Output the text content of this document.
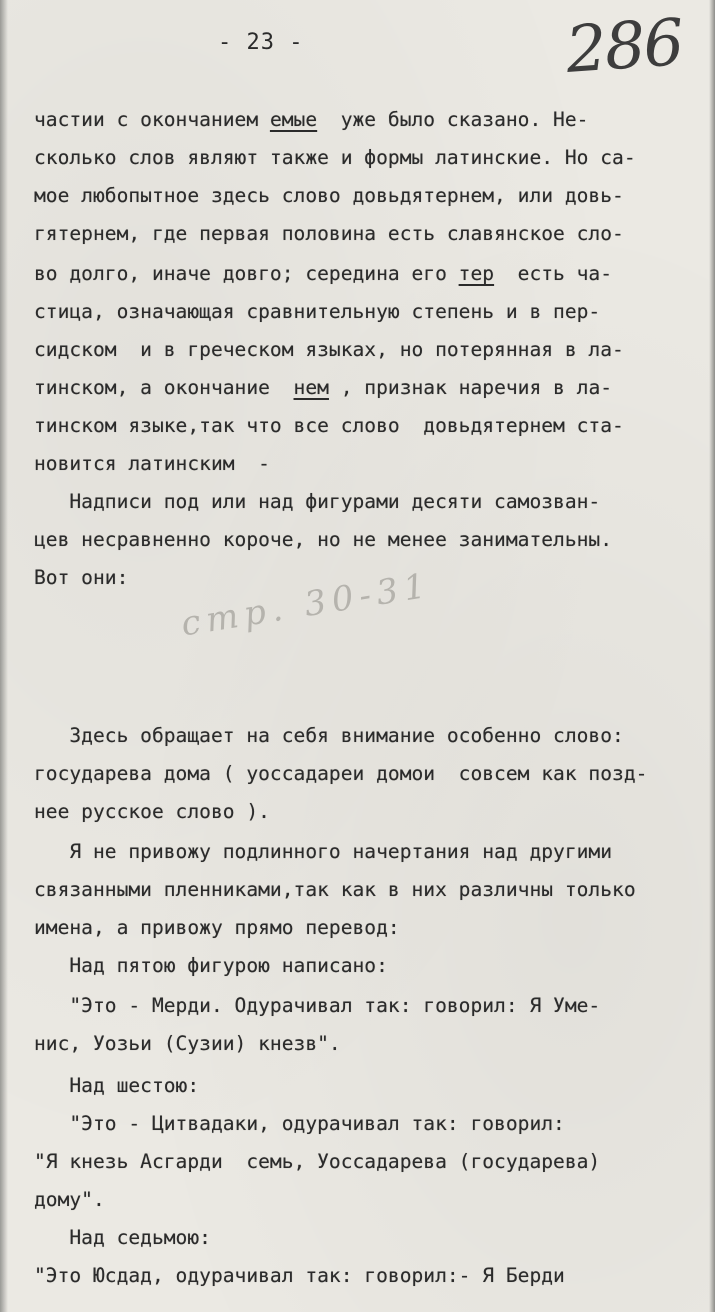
- 23 -	286
стр. 30-31
частии с окончанием емые  уже было сказано. Не-
сколько слов являют также и формы латинские. Но са-
мое любопытное здесь слово довьдятернем, или довь-
гятернем, где первая половина есть славянское сло-
во долго, иначе довго; середина его тер  есть ча-
стица, означающая сравнительную степень и в пер-
сидском  и в греческом языках, но потерянная в ла-
тинском, а окончание  нем , признак наречия в ла-
тинском языке,так что все слово  довьдятернем ста-
новится латинским  -
Надписи под или над фигурами десяти самозван-
цев несравненно короче, но не менее занимательны.
Вот они:
Здесь обращает на себя внимание особенно слово:
государева дома ( уоссадареи домои  совсем как позд-
нее русское слово ).
Я не привожу подлинного начертания над другими
связанными пленниками,так как в них различны только
имена, а привожу прямо перевод:
Над пятою фигурою написано:
"Это - Мерди. Одурачивал так: говорил: Я Уме-
нис, Уозьи (Сузии) кнезв".
Над шестою:
"Это - Цитвадаки, одурачивал так: говорил:
"Я кнезь Асгарди  семь, Уоссадарева (государева)
дому".
Над седьмою:
"Это Юсдад, одурачивал так: говорил:- Я Берди
